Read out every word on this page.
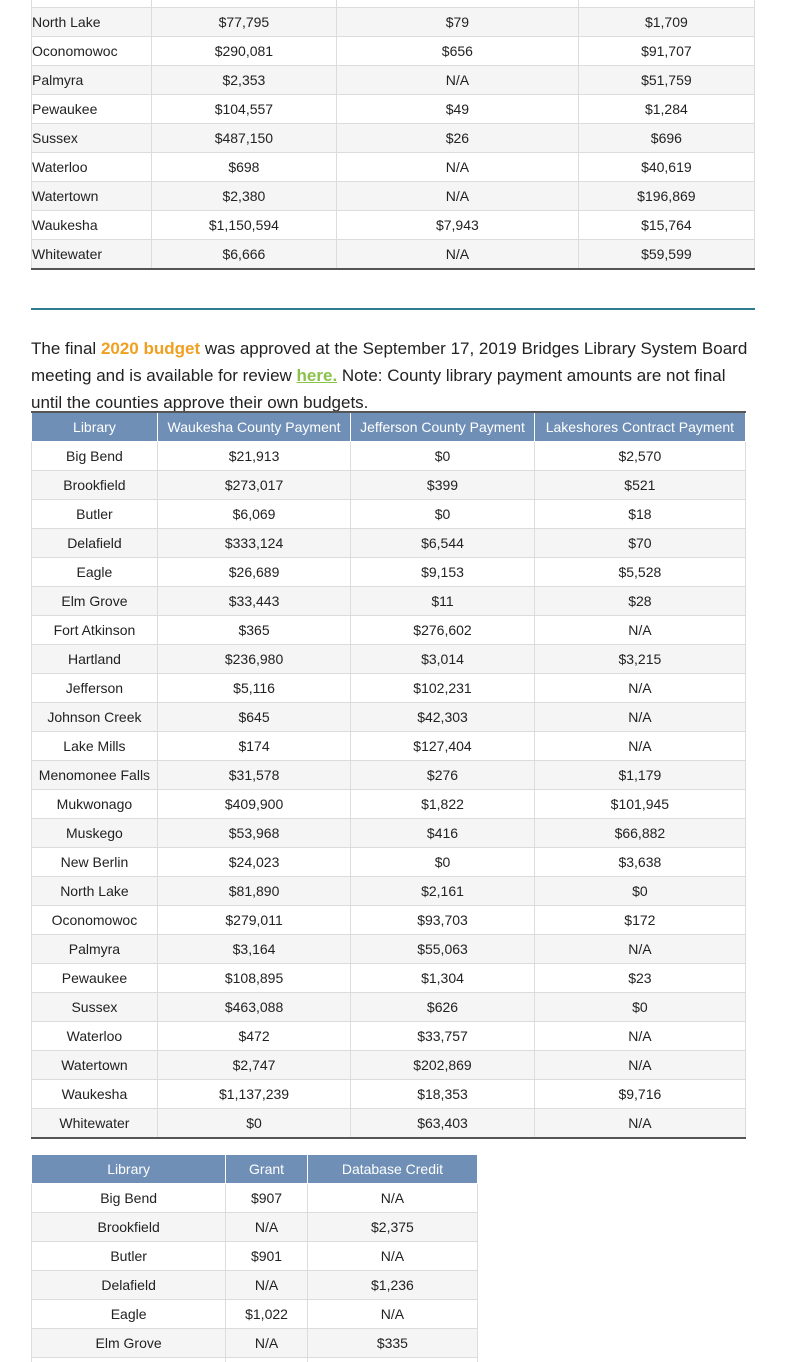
North Lake	$77,795	$79	$1,709
Oconomowoc	$290,081	$656	$91,707
Palmyra	$2,353	N/A	$51,759
Pewaukee	$104,557	$49	$1,284
Sussex	$487,150	$26	$696
Waterloo	$698	N/A	$40,619
Watertown	$2,380	N/A	$196,869
Waukesha	$1,150,594	$7,943	$15,764
Whitewater	$6,666	N/A	$59,599

The final 2020 budget was approved at the September 17, 2019 Bridges Library System Board meeting and is available for review here. Note: County library payment amounts are not final until the counties approve their own budgets.

Library	Waukesha County Payment	Jefferson County Payment	Lakeshores Contract Payment
Big Bend	$21,913	$0	$2,570
Brookfield	$273,017	$399	$521
Butler	$6,069	$0	$18
Delafield	$333,124	$6,544	$70
Eagle	$26,689	$9,153	$5,528
Elm Grove	$33,443	$11	$28
Fort Atkinson	$365	$276,602	N/A
Hartland	$236,980	$3,014	$3,215
Jefferson	$5,116	$102,231	N/A
Johnson Creek	$645	$42,303	N/A
Lake Mills	$174	$127,404	N/A
Menomonee Falls	$31,578	$276	$1,179
Mukwonago	$409,900	$1,822	$101,945
Muskego	$53,968	$416	$66,882
New Berlin	$24,023	$0	$3,638
North Lake	$81,890	$2,161	$0
Oconomowoc	$279,011	$93,703	$172
Palmyra	$3,164	$55,063	N/A
Pewaukee	$108,895	$1,304	$23
Sussex	$463,088	$626	$0
Waterloo	$472	$33,757	N/A
Watertown	$2,747	$202,869	N/A
Waukesha	$1,137,239	$18,353	$9,716
Whitewater	$0	$63,403	N/A
Library	Grant	Database Credit
Big Bend	$907	N/A
Brookfield	N/A	$2,375
Butler	$901	N/A
Delafield	N/A	$1,236
Eagle	$1,022	N/A
Elm Grove	N/A	$335
